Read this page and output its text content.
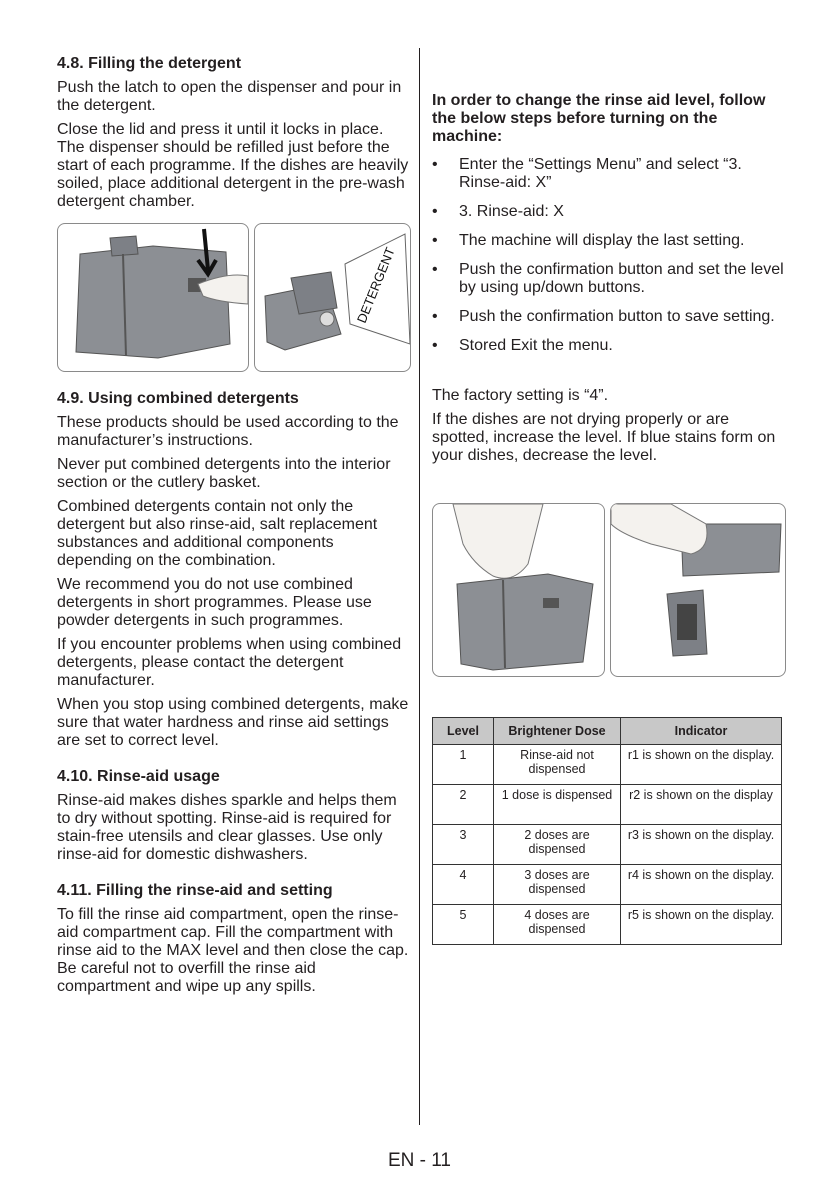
4.8. Filling the detergent

Push the latch to open the dispenser and pour in the detergent.

Close the lid and press it until it locks in place. The dispenser should be refilled just before the start of each programme. If the dishes are heavily soiled, place additional detergent in the pre-wash detergent chamber.

DETERGENT
4.9. Using combined detergents

These products should be used according to the manufacturer’s instructions.

Never put combined detergents into the interior section or the cutlery basket.

Combined detergents contain not only the detergent but also rinse-aid, salt replacement substances and additional components depending on the combination.

We recommend you do not use combined detergents in short programmes. Please use powder detergents in such programmes.

If you encounter problems when using combined detergents, please contact the detergent manufacturer.

When you stop using combined detergents, make sure that water hardness and rinse aid settings are set to correct level.

4.10. Rinse-aid usage

Rinse-aid makes dishes sparkle and helps them to dry without spotting. Rinse-aid is required for stain-free utensils and clear glasses. Use only rinse-aid for domestic dishwashers.

4.11. Filling the rinse-aid and setting

To fill the rinse aid compartment, open the rinse-aid compartment cap. Fill the compartment with rinse aid to the MAX level and then close the cap. Be careful not to overfill the rinse aid compartment and wipe up any spills.

In order to change the rinse aid level, follow the below steps before turning on the machine:

• Enter the “Settings Menu” and select “3. Rinse-aid: X”
• 3. Rinse-aid: X
• The machine will display the last setting.
• Push the confirmation button and set the level by using up/down buttons.
• Push the confirmation button to save setting.
• Stored Exit the menu.

The factory setting is “4”.

If the dishes are not drying properly or are spotted, increase the level. If blue stains form on your dishes, decrease the level.

Level	Brightener Dose	Indicator
1	Rinse-aid not dispensed	r1 is shown on the display.
2	1 dose is dispensed	r2 is shown on the display
3	2 doses are dispensed	r3 is shown on the display.
4	3 doses are dispensed	r4 is shown on the display.
5	4 doses are dispensed	r5 is shown on the display.
EN - 11
